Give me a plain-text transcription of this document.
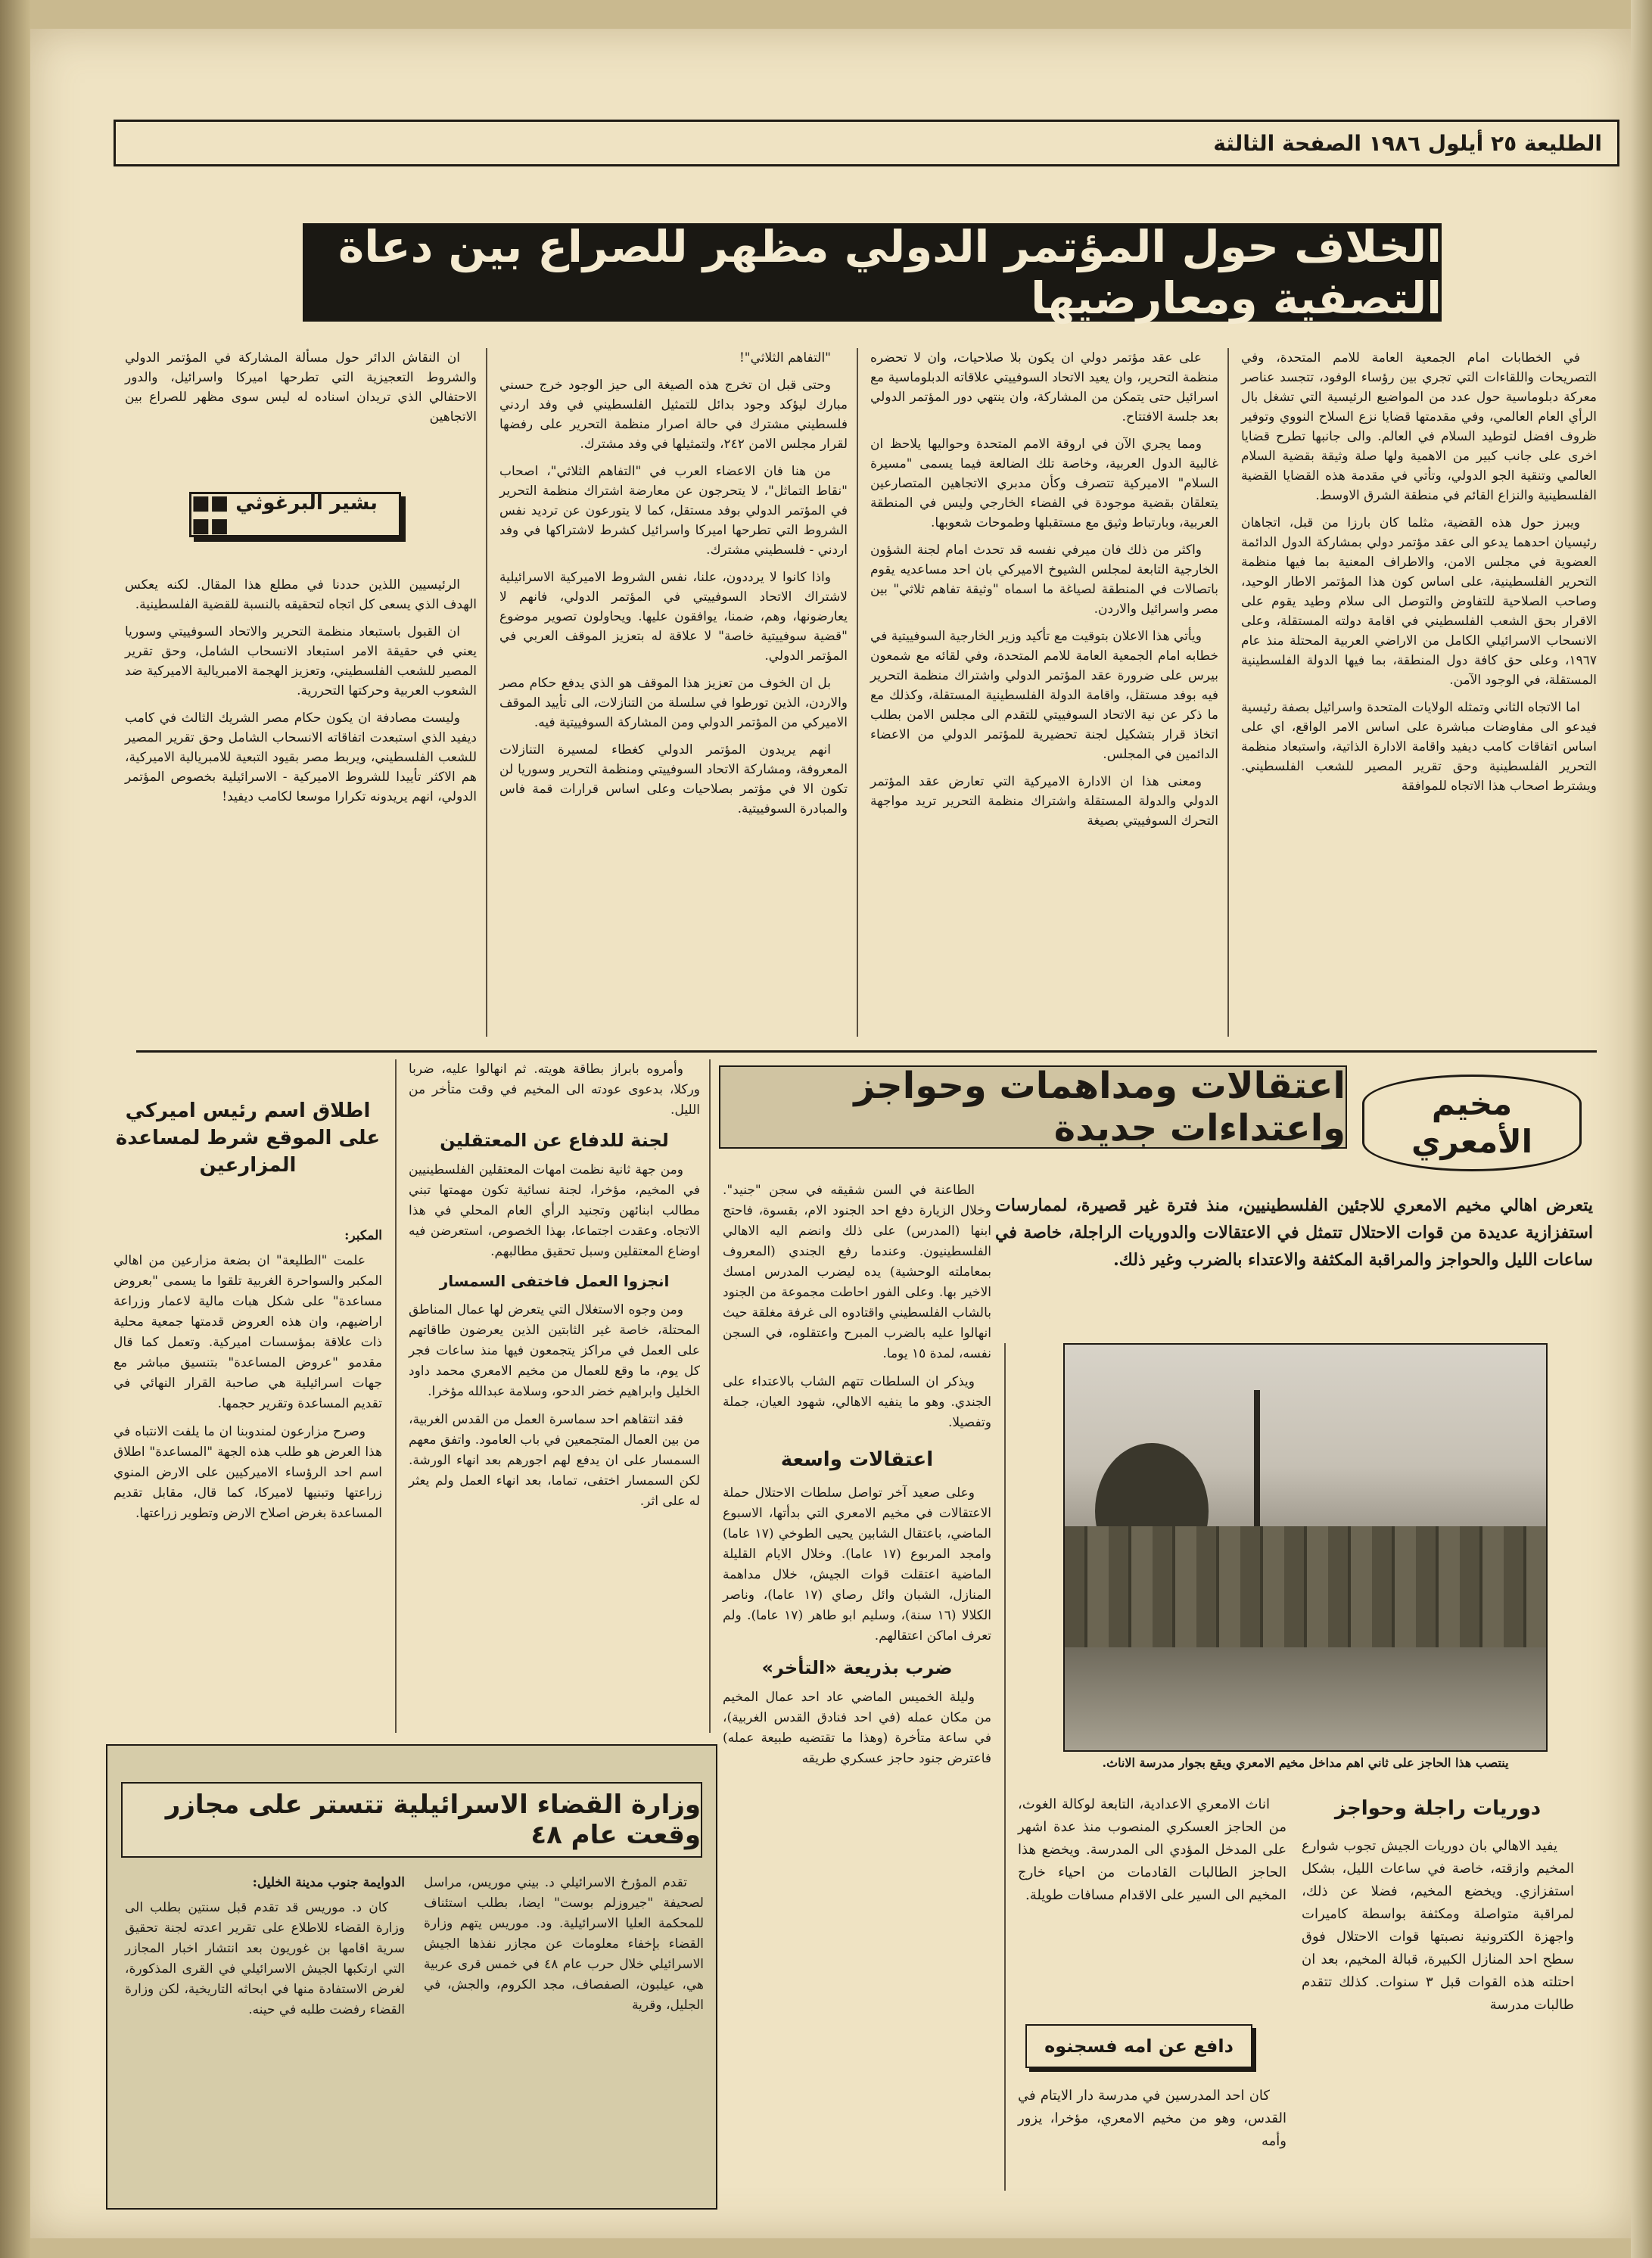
الطليعة ٢٥ أيلول ١٩٨٦ الصفحة الثالثة
الخلاف حول المؤتمر الدولي مظهر للصراع بين دعاة التصفية ومعارضيها

في الخطابات امام الجمعية العامة للامم المتحدة، وفي التصريحات واللقاءات التي تجري بين رؤساء الوفود، تتجسد عناصر معركة دبلوماسية حول عدد من المواضيع الرئيسية التي تشغل بال الرأي العام العالمي، وفي مقدمتها قضايا نزع السلاح النووي وتوفير ظروف افضل لتوطيد السلام في العالم. والى جانبها تطرح قضايا اخرى على جانب كبير من الاهمية ولها صلة وثيقة بقضية السلام العالمي وتنقية الجو الدولي، وتأتي في مقدمة هذه القضايا القضية الفلسطينية والنزاع القائم في منطقة الشرق الاوسط.

ويبرز حول هذه القضية، مثلما كان بارزا من قبل، اتجاهان رئيسيان احدهما يدعو الى عقد مؤتمر دولي بمشاركة الدول الدائمة العضوية في مجلس الامن، والاطراف المعنية بما فيها منظمة التحرير الفلسطينية، على اساس كون هذا المؤتمر الاطار الوحيد، وصاحب الصلاحية للتفاوض والتوصل الى سلام وطيد يقوم على الاقرار بحق الشعب الفلسطيني في اقامة دولته المستقلة، وعلى الانسحاب الاسرائيلي الكامل من الاراضي العربية المحتلة منذ عام ١٩٦٧، وعلى حق كافة دول المنطقة، بما فيها الدولة الفلسطينية المستقلة، في الوجود الآمن.

اما الاتجاه الثاني وتمثله الولايات المتحدة واسرائيل بصفة رئيسية فيدعو الى مفاوضات مباشرة على اساس الامر الواقع، اي على اساس اتفاقات كامب ديفيد واقامة الادارة الذاتية، واستبعاد منظمة التحرير الفلسطينية وحق تقرير المصير للشعب الفلسطيني. ويشترط اصحاب هذا الاتجاه للموافقة

على عقد مؤتمر دولي ان يكون بلا صلاحيات، وان لا تحضره منظمة التحرير، وان يعيد الاتحاد السوفييتي علاقاته الدبلوماسية مع اسرائيل حتى يتمكن من المشاركة، وان ينتهي دور المؤتمر الدولي بعد جلسة الافتتاح.

ومما يجري الآن في اروقة الامم المتحدة وحواليها يلاحظ ان غالبية الدول العربية، وخاصة تلك الضالعة فيما يسمى "مسيرة السلام" الاميركية تتصرف وكأن مدبري الاتجاهين المتصارعين يتعلقان بقضية موجودة في الفضاء الخارجي وليس في المنطقة العربية، وبارتباط وثيق مع مستقبلها وطموحات شعوبها.

واكثر من ذلك فان ميرفي نفسه قد تحدث امام لجنة الشؤون الخارجية التابعة لمجلس الشيوخ الاميركي بان احد مساعديه يقوم باتصالات في المنطقة لصياغة ما اسماه "وثيقة تفاهم ثلاثي" بين مصر واسرائيل والاردن.

ويأتي هذا الاعلان بتوقيت مع تأكيد وزير الخارجية السوفييتية في خطابه امام الجمعية العامة للامم المتحدة، وفي لقائه مع شمعون بيرس على ضرورة عقد المؤتمر الدولي واشتراك منظمة التحرير فيه بوفد مستقل، واقامة الدولة الفلسطينية المستقلة، وكذلك مع ما ذكر عن نية الاتحاد السوفييتي للتقدم الى مجلس الامن بطلب اتخاذ قرار بتشكيل لجنة تحضيرية للمؤتمر الدولي من الاعضاء الدائمين في المجلس.

ومعنى هذا ان الادارة الاميركية التي تعارض عقد المؤتمر الدولي والدولة المستقلة واشتراك منظمة التحرير تريد مواجهة التحرك السوفييتي بصيغة

"التفاهم الثلاثي"!

وحتى قبل ان تخرج هذه الصيغة الى حيز الوجود خرج حسني مبارك ليؤكد وجود بدائل للتمثيل الفلسطيني في وفد اردني فلسطيني مشترك في حالة اصرار منظمة التحرير على رفضها لقرار مجلس الامن ٢٤٢، ولتمثيلها في وفد مشترك.

من هنا فان الاعضاء العرب في "التفاهم الثلاثي"، اصحاب "نقاط التماثل"، لا يتحرجون عن معارضة اشتراك منظمة التحرير في المؤتمر الدولي بوفد مستقل، كما لا يتورعون عن ترديد نفس الشروط التي تطرحها اميركا واسرائيل كشرط لاشتراكها في وفد اردني - فلسطيني مشترك.

واذا كانوا لا يرددون، علنا، نفس الشروط الاميركية الاسرائيلية لاشتراك الاتحاد السوفييتي في المؤتمر الدولي، فانهم لا يعارضونها، وهم، ضمنا، يوافقون عليها. ويحاولون تصوير موضوع "قضية سوفييتية خاصة" لا علاقة له بتعزيز الموقف العربي في المؤتمر الدولي.

بل ان الخوف من تعزيز هذا الموقف هو الذي يدفع حكام مصر والاردن، الذين تورطوا في سلسلة من التنازلات، الى تأييد الموقف الاميركي من المؤتمر الدولي ومن المشاركة السوفييتية فيه.

انهم يريدون المؤتمر الدولي كغطاء لمسيرة التنازلات المعروفة، ومشاركة الاتحاد السوفييتي ومنظمة التحرير وسوريا لن تكون الا في مؤتمر بصلاحيات وعلى اساس قرارات قمة فاس والمبادرة السوفييتية.

ان النقاش الدائر حول مسألة المشاركة في المؤتمر الدولي والشروط التعجيزية التي تطرحها اميركا واسرائيل، والدور الاحتفالي الذي تريدان اسناده له ليس سوى مظهر للصراع بين الاتجاهين

■■ بشير البرغوثي ■■

الرئيسيين اللذين حددنا في مطلع هذا المقال. لكنه يعكس الهدف الذي يسعى كل اتجاه لتحقيقه بالنسبة للقضية الفلسطينية.

ان القبول باستبعاد منظمة التحرير والاتحاد السوفييتي وسوريا يعني في حقيقة الامر استبعاد الانسحاب الشامل، وحق تقرير المصير للشعب الفلسطيني، وتعزيز الهجمة الامبريالية الاميركية ضد الشعوب العربية وحركتها التحررية.

وليست مصادفة ان يكون حكام مصر الشريك الثالث في كامب ديفيد الذي استبعدت اتفاقاته الانسحاب الشامل وحق تقرير المصير للشعب الفلسطيني، ويربط مصر بقيود التبعية للامبريالية الاميركية، هم الاكثر تأييدا للشروط الاميركية - الاسرائيلية بخصوص المؤتمر الدولي، انهم يريدونه تكرارا موسعا لكامب ديفيد!

مخيم الأمعري
اعتقالات ومداهمات وحواجز واعتداءات جديدة
يتعرض اهالي مخيم الامعري للاجئين الفلسطينيين، منذ فترة غير قصيرة، لممارسات استفزازية عديدة من قوات الاحتلال تتمثل في الاعتقالات والدوريات الراجلة، خاصة في ساعات الليل والحواجز والمراقبة المكثفة والاعتداء بالضرب وغير ذلك.
ينتصب هذا الحاجز على ثاني اهم مداخل مخيم الامعري ويقع بجوار مدرسة الاناث.
دوريات راجلة وحواجز

يفيد الاهالي بان دوريات الجيش تجوب شوارع المخيم وازقته، خاصة في ساعات الليل، بشكل استفزازي. ويخضع المخيم، فضلا عن ذلك، لمراقبة متواصلة ومكثفة بواسطة كاميرات واجهزة الكترونية نصبتها قوات الاحتلال فوق سطح احد المنازل الكبيرة، قبالة المخيم، بعد ان احتلته هذه القوات قبل ٣ سنوات. كذلك تتقدم طالبات مدرسة

اناث الامعري الاعدادية، التابعة لوكالة الغوث، من الحاجز العسكري المنصوب منذ عدة اشهر على المدخل المؤدي الى المدرسة. ويخضع هذا الحاجز الطالبات القادمات من احياء خارج المخيم الى السير على الاقدام مسافات طويلة.

دافع عن امه فسجنوه

كان احد المدرسين في مدرسة دار الايتام في القدس، وهو من مخيم الامعري، مؤخرا، يزور وأمه

الطاعنة في السن شقيقه في سجن "جنيد". وخلال الزيارة دفع احد الجنود الام، بقسوة، فاحتج ابنها (المدرس) على ذلك وانضم اليه الاهالي الفلسطينيون. وعندما رفع الجندي (المعروف بمعاملته الوحشية) يده ليضرب المدرس امسك الاخير بها. وعلى الفور احاطت مجموعة من الجنود بالشاب الفلسطيني واقتادوه الى غرفة مغلقة حيث انهالوا عليه بالضرب المبرح واعتقلوه، في السجن نفسه، لمدة ١٥ يوما.

ويذكر ان السلطات تتهم الشاب بالاعتداء على الجندي. وهو ما ينفيه الاهالي، شهود العيان، جملة وتفصيلا.

اعتقالات واسعة

وعلى صعيد آخر تواصل سلطات الاحتلال حملة الاعتقالات في مخيم الامعري التي بدأتها، الاسبوع الماضي، باعتقال الشابين يحيى الطوخي (١٧ عاما) وامجد المربوع (١٧ عاما). وخلال الايام القليلة الماضية اعتقلت قوات الجيش، خلال مداهمة المنازل، الشبان وائل رصاي (١٧ عاما)، وناصر الكلالا (١٦ سنة)، وسليم ابو طاهر (١٧ عاما). ولم تعرف اماكن اعتقالهم.

ضرب بذريعة «التأخر»

وليلة الخميس الماضي عاد احد عمال المخيم من مكان عمله (في احد فنادق القدس الغربية)، في ساعة متأخرة (وهذا ما تقتضيه طبيعة عمله) فاعترض جنود حاجز عسكري طريقه

وأمروه بابراز بطاقة هويته. ثم انهالوا عليه، ضربا وركلا، بدعوى عودته الى المخيم في وقت متأخر من الليل.

لجنة للدفاع عن المعتقلين

ومن جهة ثانية نظمت امهات المعتقلين الفلسطينيين في المخيم، مؤخرا، لجنة نسائية تكون مهمتها تبني مطالب ابنائهن وتجنيد الرأي العام المحلي في هذا الاتجاه. وعقدت اجتماعا، بهذا الخصوص، استعرضن فيه اوضاع المعتقلين وسبل تحقيق مطالبهم.

انجزوا العمل فاختفى السمسار

ومن وجوه الاستغلال التي يتعرض لها عمال المناطق المحتلة، خاصة غير الثابتين الذين يعرضون طاقاتهم على العمل في مراكز يتجمعون فيها منذ ساعات فجر كل يوم، ما وقع للعمال من مخيم الامعري محمد داود الخليل وابراهيم خضر الدحو، وسلامة عبدالله مؤخرا.

فقد انتقاهم احد سماسرة العمل من القدس الغربية، من بين العمال المتجمعين في باب العامود. واتفق معهم السمسار على ان يدفع لهم اجورهم بعد انهاء الورشة. لكن السمسار اختفى، تماما، بعد انهاء العمل ولم يعثر له على اثر.

اطلاق اسم رئيس اميركي على الموقع شرط لمساعدة المزارعين
المكبر:

علمت "الطليعة" ان بضعة مزارعين من اهالي المكبر والسواحرة الغربية تلقوا ما يسمى "بعروض مساعدة" على شكل هبات مالية لاعمار وزراعة اراضيهم، وان هذه العروض قدمتها جمعية محلية ذات علاقة بمؤسسات اميركية. وتعمل كما قال مقدمو "عروض المساعدة" بتنسيق مباشر مع جهات اسرائيلية هي صاحبة القرار النهائي في تقديم المساعدة وتقرير حجمها.

وصرح مزارعون لمندوبنا ان ما يلفت الانتباه في هذا العرض هو طلب هذه الجهة "المساعدة" اطلاق اسم احد الرؤساء الاميركيين على الارض المنوي زراعتها وتبنيها لاميركا، كما قال، مقابل تقديم المساعدة بغرض اصلاح الارض وتطوير زراعتها.

وزارة القضاء الاسرائيلية تتستر على مجازر وقعت عام ٤٨
الدوايمة جنوب مدينة الخليل:

كان د. موريس قد تقدم قبل سنتين بطلب الى وزارة القضاء للاطلاع على تقرير اعدته لجنة تحقيق سرية اقامها بن غوريون بعد انتشار اخبار المجازر التي ارتكبها الجيش الاسرائيلي في القرى المذكورة، لغرض الاستفادة منها في ابحاثه التاريخية، لكن وزارة القضاء رفضت طلبه في حينه.

تقدم المؤرخ الاسرائيلي د. بيني موريس، مراسل لصحيفة "جيروزلم بوست" ايضا، بطلب استئناف للمحكمة العليا الاسرائيلية. ود. موريس يتهم وزارة القضاء بإخفاء معلومات عن مجازر نفذها الجيش الاسرائيلي خلال حرب عام ٤٨ في خمس قرى عربية هي، عيلبون، الصفصاف، مجد الكروم، والجش، في الجليل، وقرية
